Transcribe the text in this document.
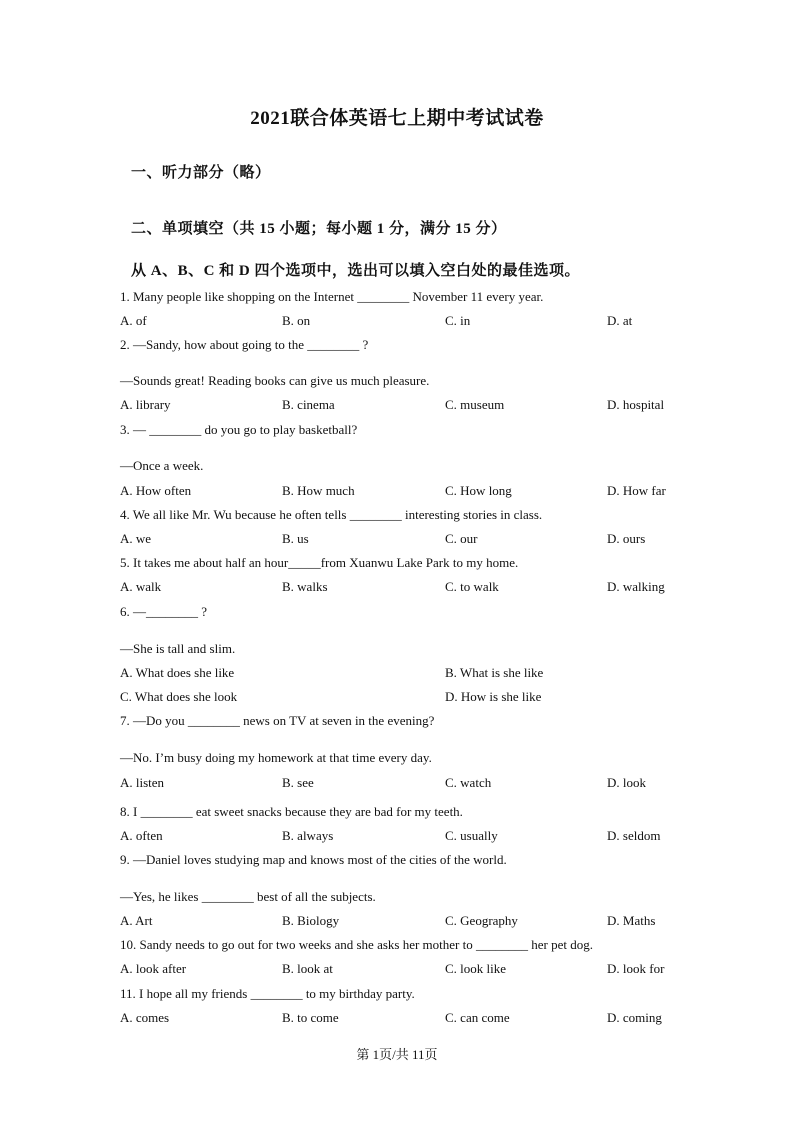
2021联合体英语七上期中考试试卷
一、听力部分（略）
二、单项填空（共 15 小题；每小题 1 分，满分 15 分）
从 A、B、C 和 D 四个选项中，选出可以填入空白处的最佳选项。
1. Many people like shopping on the Internet ________ November 11 every year.
A. of	B. on	C. in	D. at
2. —Sandy, how about going to the ________ ?
—Sounds great! Reading books can give us much pleasure.
A. library	B. cinema	C. museum	D. hospital
3. — ________ do you go to play basketball?
—Once a week.
A. How often	B. How much	C. How long	D. How far
4. We all like Mr. Wu because he often tells ________ interesting stories in class.
A. we	B. us	C. our	D. ours
5. It takes me about half an hour_____from Xuanwu Lake Park to my home.
A. walk	B. walks	C. to walk	D. walking
6. —________ ?
—She is tall and slim.
A. What does she like	B. What is she like
C. What does she look	D. How is she like
7. —Do you ________ news on TV at seven in the evening?
—No. I’m busy doing my homework at that time every day.
A. listen	B. see	C. watch	D. look
8. I ________ eat sweet snacks because they are bad for my teeth.
A. often	B. always	C. usually	D. seldom
9. —Daniel loves studying map and knows most of the cities of the world.
—Yes, he likes ________ best of all the subjects.
A. Art	B. Biology	C. Geography	D. Maths
10. Sandy needs to go out for two weeks and she asks her mother to ________ her pet dog.
A. look after	B. look at	C. look like	D. look for
11. I hope all my friends ________ to my birthday party.
A. comes	B. to come	C. can come	D. coming
第 1页/共 11页
